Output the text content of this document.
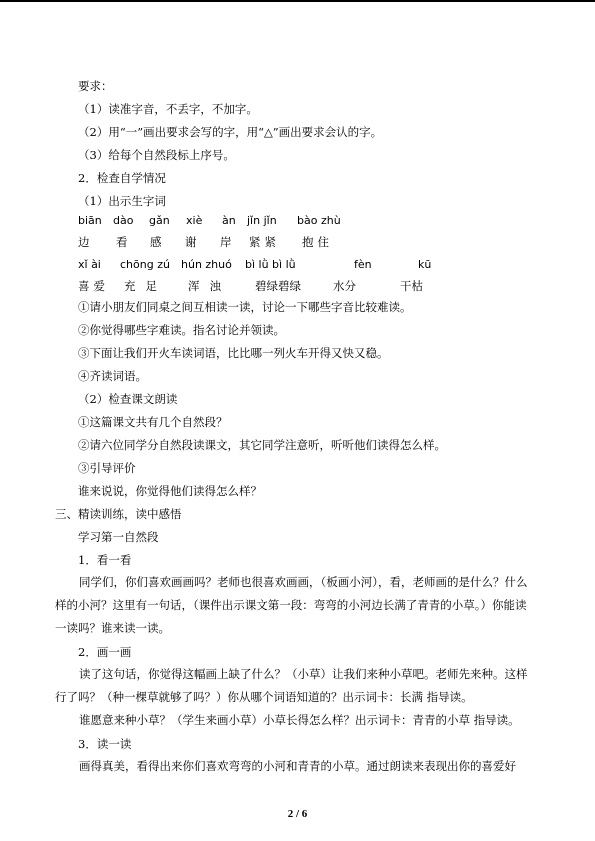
要求：
（1）读准字音，不丢字，不加字。
（2）用“一”画出要求会写的字，用“△”画出要求会认的字。
（3）给每个自然段标上序号。
2．检查自学情况
（1）出示生字词
biān dào gǎn xiè àn jǐn jǐn bào zhù
边 看 感 谢 岸 紧紧 抱住
xǐ ài chōng zú hún zhuó bì lǜ bì lǜ	fèn	kū
喜爱 充足 浑浊 碧绿碧绿	水分	干枯
①请小朋友们同桌之间互相读一读，讨论一下哪些字音比较难读。
②你觉得哪些字难读。指名讨论并领读。
③下面让我们开火车读词语，比比哪一列火车开得又快又稳。
④齐读词语。
（2）检查课文朗读
①这篇课文共有几个自然段？
②请六位同学分自然段读课文，其它同学注意听，听听他们读得怎么样。
③引导评价
谁来说说，你觉得他们读得怎么样？
三、精读训练，读中感悟
学习第一自然段
1．看一看
同学们，你们喜欢画画吗？老师也很喜欢画画，（板画小河），看，老师画的是什么？什么样的小河？这里有一句话，（课件出示课文第一段：弯弯的小河边长满了青青的小草。）你能读一读吗？谁来读一读。
2．画一画
读了这句话，你觉得这幅画上缺了什么？（小草）让我们来种小草吧。老师先来种。这样行了吗？（种一棵草就够了吗？）你从哪个词语知道的？出示词卡：长满 指导读。
谁愿意来种小草？（学生来画小草）小草长得怎么样？出示词卡：青青的小草 指导读。
3．读一读
画得真美，看得出来你们喜欢弯弯的小河和青青的小草。通过朗读来表现出你的喜爱好
2 / 6
